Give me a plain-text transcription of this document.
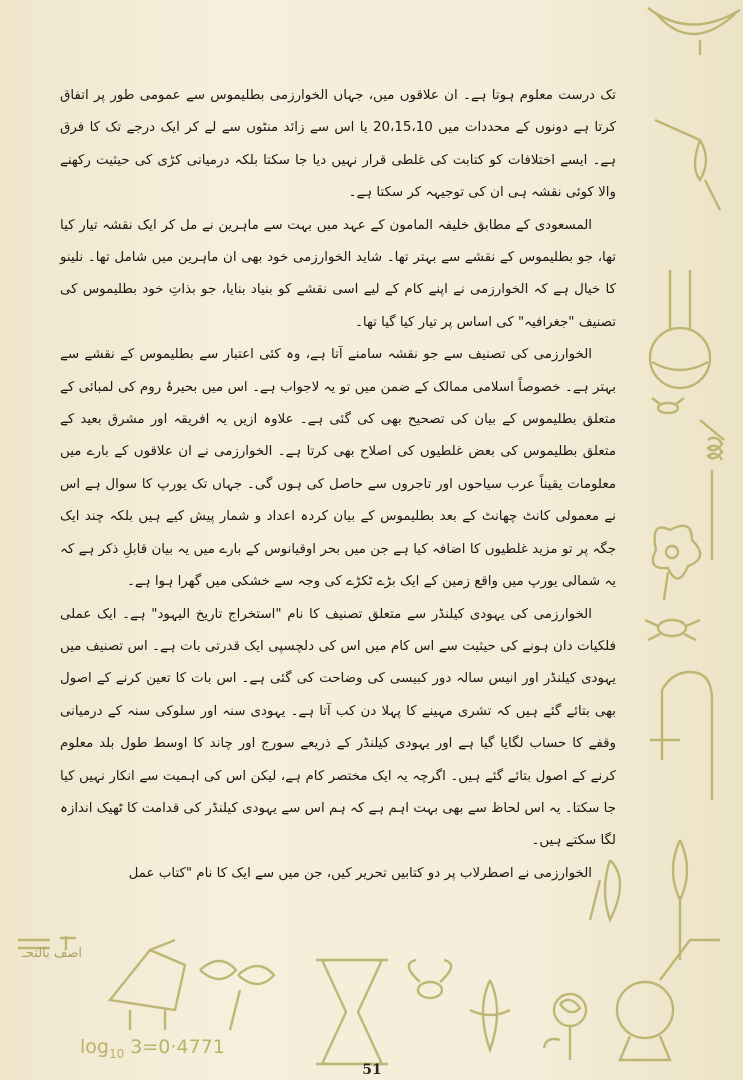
تک درست معلوم ہوتا ہے۔ ان علاقوں میں، جہاں الخوارزمی بطلیموس سے عمومی طور پر اتفاق کرتا ہے دونوں کے محددات میں 20،15،10 یا اس سے زائد منٹوں سے لے کر ایک درجے تک کا فرق ہے۔ ایسے اختلافات کو کتابت کی غلطی قرار نہیں دیا جا سکتا بلکہ درمیانی کڑی کی حیثیت رکھنے والا کوئی نقشہ ہی ان کی توجیہہ کر سکتا ہے۔

المسعودی کے مطابق خلیفہ المامون کے عہد میں بہت سے ماہرین نے مل کر ایک نقشہ تیار کیا تھا، جو بطلیموس کے نقشے سے بہتر تھا۔ شاید الخوارزمی خود بھی ان ماہرین میں شامل تھا۔ نلینو کا خیال ہے کہ الخوارزمی نے اپنے کام کے لیے اسی نقشے کو بنیاد بنایا، جو بذاتِ خود بطلیموس کی تصنیف "جغرافیہ" کی اساس پر تیار کیا گیا تھا۔

الخوارزمی کی تصنیف سے جو نقشہ سامنے آتا ہے، وہ کئی اعتبار سے بطلیموس کے نقشے سے بہتر ہے۔ خصوصاً اسلامی ممالک کے ضمن میں تو یہ لاجواب ہے۔ اس میں بحیرۂ روم کی لمبائی کے متعلق بطلیموس کے بیان کی تصحیح بھی کی گئی ہے۔ علاوہ ازیں یہ افریقہ اور مشرق بعید کے متعلق بطلیموس کی بعض غلطیوں کی اصلاح بھی کرتا ہے۔ الخوارزمی نے ان علاقوں کے بارے میں معلومات یقیناً عرب سیاحوں اور تاجروں سے حاصل کی ہوں گی۔ جہاں تک یورپ کا سوال ہے اس نے معمولی کانٹ چھانٹ کے بعد بطلیموس کے بیان کردہ اعداد و شمار پیش کیے ہیں بلکہ چند ایک جگہ پر تو مزید غلطیوں کا اضافہ کیا ہے جن میں بحر اوقیانوس کے بارے میں یہ بیان قابلِ ذکر ہے کہ یہ شمالی یورپ میں واقع زمین کے ایک بڑے ٹکڑے کی وجہ سے خشکی میں گھرا ہوا ہے۔

الخوارزمی کی یہودی کیلنڈر سے متعلق تصنیف کا نام "استخراج تاریخ الیہود" ہے۔ ایک عملی فلکیات دان ہونے کی حیثیت سے اس کام میں اس کی دلچسپی ایک قدرتی بات ہے۔ اس تصنیف میں یہودی کیلنڈر اور انیس سالہ دور کبیسی کی وضاحت کی گئی ہے۔ اس بات کا تعین کرنے کے اصول بھی بتائے گئے ہیں کہ تشری مہینے کا پہلا دن کب آتا ہے۔ یہودی سنہ اور سلوکی سنہ کے درمیانی وقفے کا حساب لگایا گیا ہے اور یہودی کیلنڈر کے ذریعے سورج اور چاند کا اوسط طول بلد معلوم کرنے کے اصول بتائے گئے ہیں۔ اگرچہ یہ ایک مختصر کام ہے، لیکن اس کی اہمیت سے انکار نہیں کیا جا سکتا۔ یہ اس لحاظ سے بھی بہت اہم ہے کہ ہم اس سے یہودی کیلنڈر کی قدامت کا ٹھیک اندازہ لگا سکتے ہیں۔

الخوارزمی نے اصطرلاب پر دو کتابیں تحریر کیں، جن میں سے ایک کا نام "کتاب عمل

اصف بالتحـ
$\log_{10} 3=0\cdot 4771$
51
